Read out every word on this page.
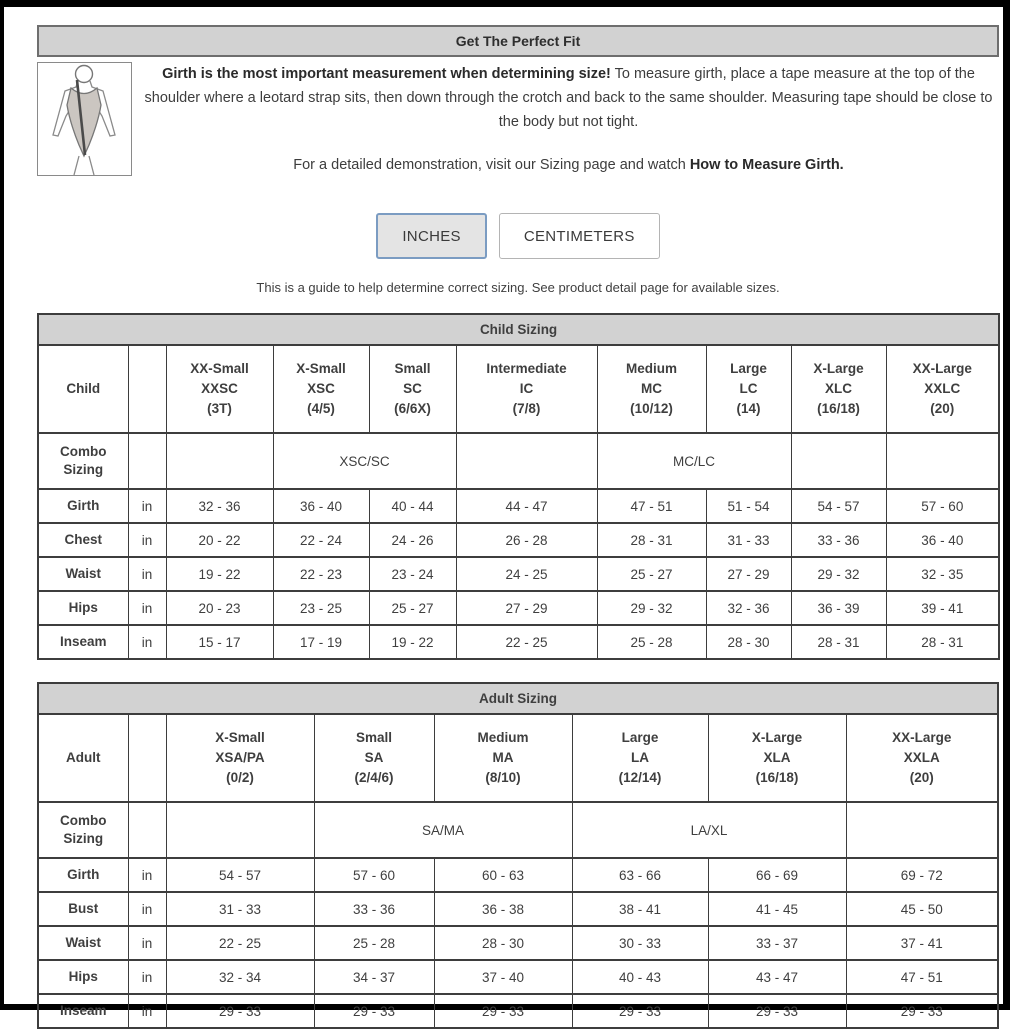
Get The Perfect Fit

Girth is the most important measurement when determining size! To measure girth, place a tape measure at the top of the shoulder where a leotard strap sits, then down through the crotch and back to the same shoulder. Measuring tape should be close to the body but not tight.

For a detailed demonstration, visit our Sizing page and watch How to Measure Girth.

INCHES	CENTIMETERS
This is a guide to help determine correct sizing. See product detail page for available sizes.
Child Sizing									
Child		XX-Small
XXSC
(3T)	X-Small
XSC
(4/5)	Small
SC
(6/6X)	Intermediate
IC
(7/8)	Medium
MC
(10/12)	Large
LC
(14)	X-Large
XLC
(16/18)	XX-Large
XXLC
(20)
Combo
Sizing			XSC/SC			MC/LC			
Girth	in	32 - 36	36 - 40	40 - 44	44 - 47	47 - 51	51 - 54	54 - 57	57 - 60
Chest	in	20 - 22	22 - 24	24 - 26	26 - 28	28 - 31	31 - 33	33 - 36	36 - 40
Waist	in	19 - 22	22 - 23	23 - 24	24 - 25	25 - 27	27 - 29	29 - 32	32 - 35
Hips	in	20 - 23	23 - 25	25 - 27	27 - 29	29 - 32	32 - 36	36 - 39	39 - 41
Inseam	in	15 - 17	17 - 19	19 - 22	22 - 25	25 - 28	28 - 30	28 - 31	28 - 31
Adult Sizing							
Adult		X-Small
XSA/PA
(0/2)	Small
SA
(2/4/6)	Medium
MA
(8/10)	Large
LA
(12/14)	X-Large
XLA
(16/18)	XX-Large
XXLA
(20)
Combo
Sizing			SA/MA		LA/XL		
Girth	in	54 - 57	57 - 60	60 - 63	63 - 66	66 - 69	69 - 72
Bust	in	31 - 33	33 - 36	36 - 38	38 - 41	41 - 45	45 - 50
Waist	in	22 - 25	25 - 28	28 - 30	30 - 33	33 - 37	37 - 41
Hips	in	32 - 34	34 - 37	37 - 40	40 - 43	43 - 47	47 - 51
Inseam	in	29 - 33	29 - 33	29 - 33	29 - 33	29 - 33	29 - 33
